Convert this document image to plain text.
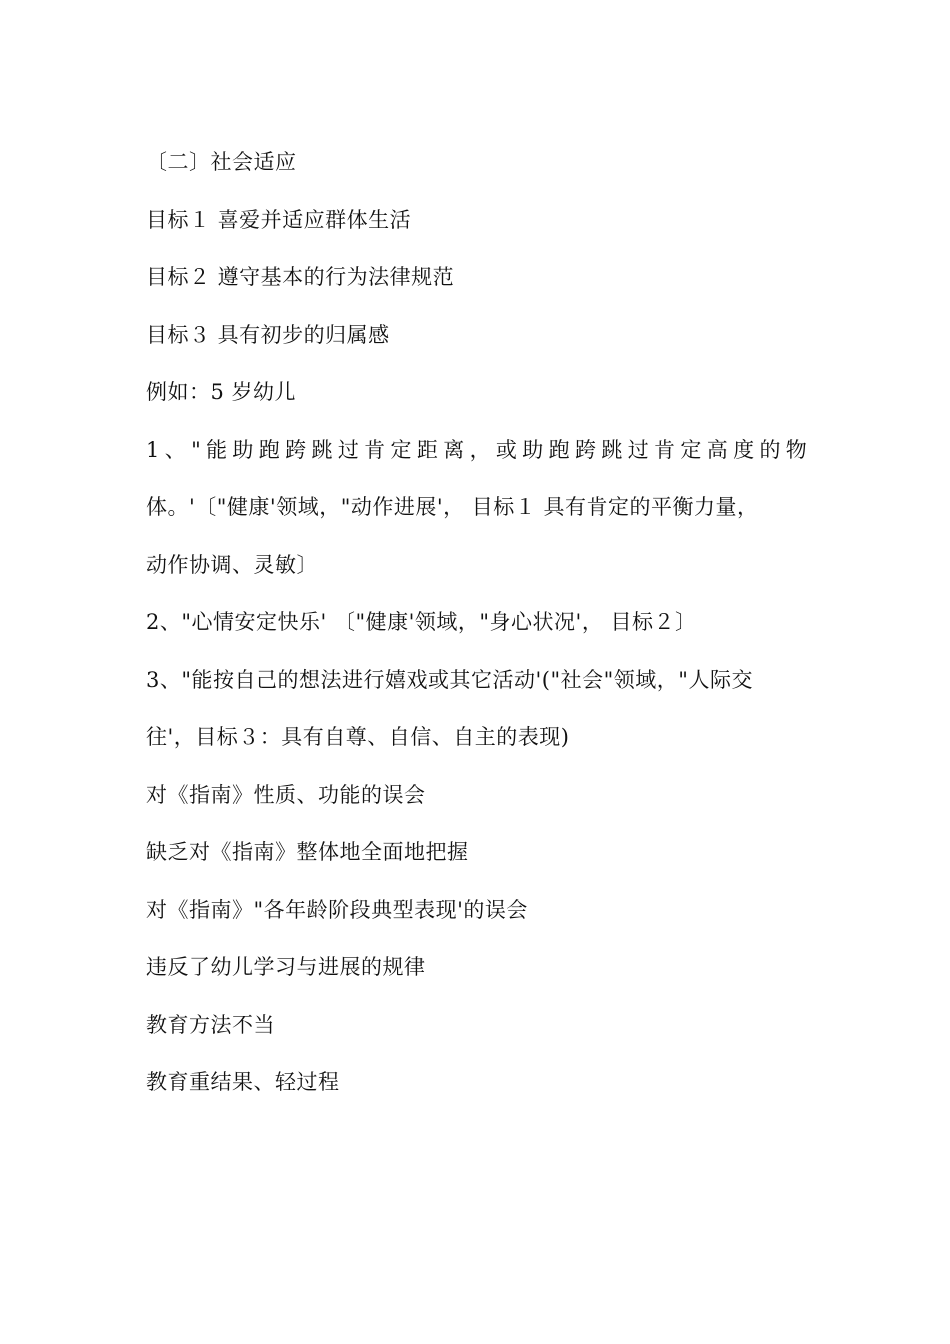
〔二〕社会适应
目标１ 喜爱并适应群体生活
目标２ 遵守基本的行为法律规范
目标３ 具有初步的归属感
例如：5 岁幼儿
1、"能助跑跨跳过肯定距离，或助跑跨跳过肯定高度的物
体。'〔"健康'领域，"动作进展'， 目标１ 具有肯定的平衡力量，
动作协调、灵敏〕
2、"心情安定快乐' 〔"健康'领域，"身心状况'， 目标２〕
3、"能按自己的想法进行嬉戏或其它活动'("社会"领域，"人际交
往'，目标３：具有自尊、自信、自主的表现)
对《指南》性质、功能的误会
缺乏对《指南》整体地全面地把握
对《指南》"各年龄阶段典型表现'的误会
违反了幼儿学习与进展的规律
教育方法不当
教育重结果、轻过程
